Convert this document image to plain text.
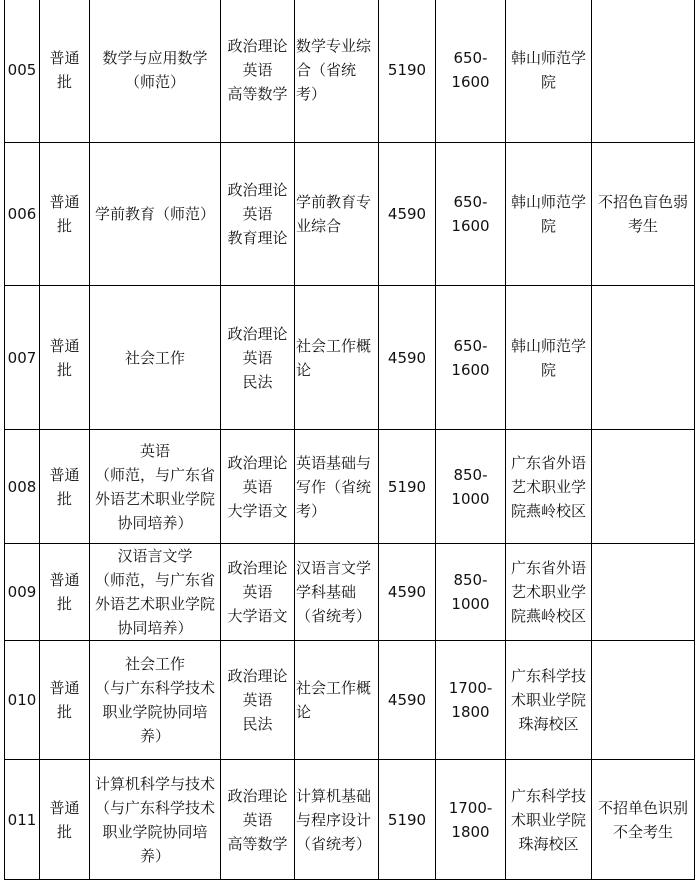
005	普通
批	数学与应用数学
（师范）	政治理论
英语
高等数学	数学专业综
合（省统
考）	5190	650-
1600	韩山师范学
院	

006	普通
批	学前教育（师范）	政治理论
英语
教育理论	学前教育专
业综合	4590	650-
1600	韩山师范学
院	不招色盲色弱
考生

007	普通
批	社会工作	政治理论
英语
民法	社会工作概
论	4590	650-
1600	韩山师范学
院	

008	普通
批	英语
（师范，与广东省
外语艺术职业学院
协同培养）	政治理论
英语
大学语文	英语基础与
写作（省统
考）	5190	850-
1000	广东省外语
艺术职业学
院燕岭校区	

009	普通
批	汉语言文学
（师范，与广东省
外语艺术职业学院
协同培养）	政治理论
英语
大学语文	汉语言文学
学科基础
（省统考）	4590	850-
1000	广东省外语
艺术职业学
院燕岭校区	

010	普通
批	社会工作
（与广东科学技术
职业学院协同培
养）	政治理论
英语
民法	社会工作概
论	4590	1700-
1800	广东科学技
术职业学院
珠海校区	

011	普通
批	计算机科学与技术
（与广东科学技术
职业学院协同培
养）	政治理论
英语
高等数学	计算机基础
与程序设计
（省统考）	5190	1700-
1800	广东科学技
术职业学院
珠海校区	不招单色识别
不全考生
